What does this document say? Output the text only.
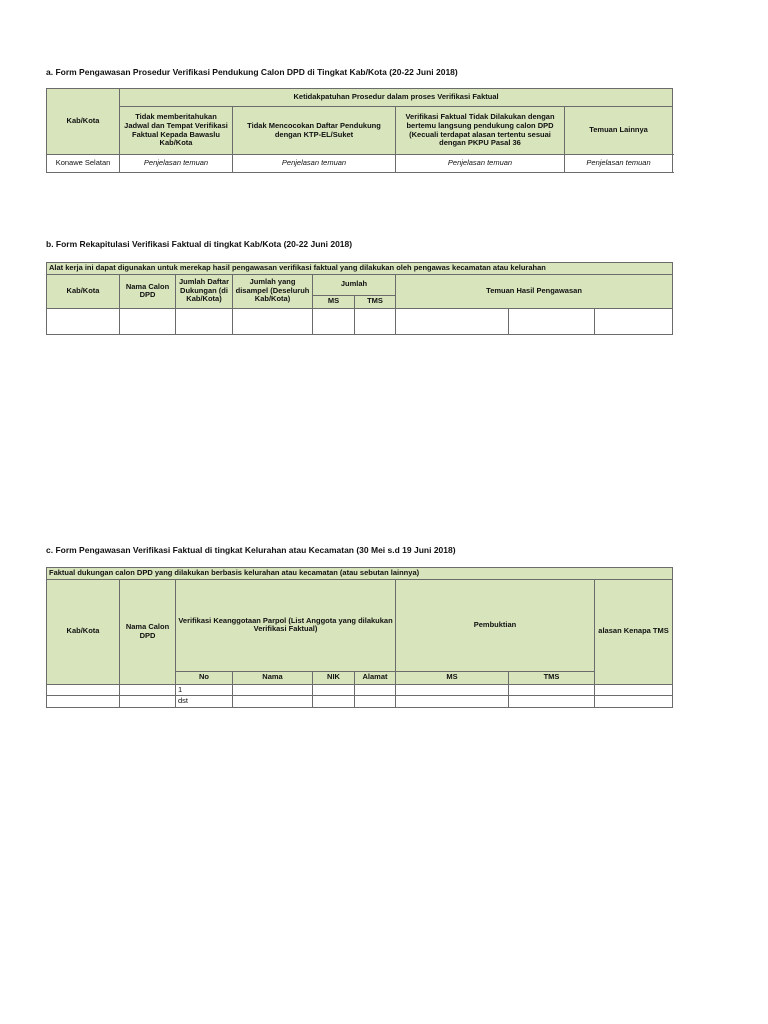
a. Form Pengawasan Prosedur Verifikasi Pendukung Calon DPD di Tingkat Kab/Kota (20-22 Juni 2018)
Kab/Kota	Ketidakpatuhan Prosedur dalam proses Verifikasi Faktual			
	Tidak memberitahukan Jadwal dan Tempat Verifikasi Faktual Kepada Bawaslu Kab/Kota	Tidak Mencocokan Daftar Pendukung dengan KTP-EL/Suket	Verifikasi Faktual Tidak Dilakukan dengan bertemu langsung pendukung calon DPD (Kecuali terdapat alasan tertentu sesuai dengan PKPU Pasal 36	Temuan Lainnya
Konawe Selatan	Penjelasan temuan	Penjelasan temuan	Penjelasan temuan	Penjelasan temuan
b. Form Rekapitulasi Verifikasi Faktual di tingkat Kab/Kota (20-22 Juni 2018)
Alat kerja ini dapat digunakan untuk merekap hasil pengawasan verifikasi faktual yang dilakukan oleh pengawas kecamatan atau kelurahan								
Kab/Kota	Nama Calon DPD	Jumlah Daftar Dukungan (di Kab/Kota)	Jumlah yang disampel (Deseluruh Kab/Kota)	Jumlah		Temuan Hasil Pengawasan		
				MS	TMS			

c. Form Pengawasan Verifikasi Faktual di tingkat Kelurahan atau Kecamatan (30 Mei s.d 19 Juni 2018)
Faktual dukungan calon DPD yang dilakukan berbasis kelurahan atau kecamatan (atau sebutan lainnya)								
Kab/Kota	Nama Calon DPD	Verifikasi Keanggotaan Parpol (List Anggota yang dilakukan Verifikasi Faktual)				Pembuktian		alasan Kenapa TMS
		No	Nama	NIK	Alamat	MS	TMS	
		1						
		dst						
